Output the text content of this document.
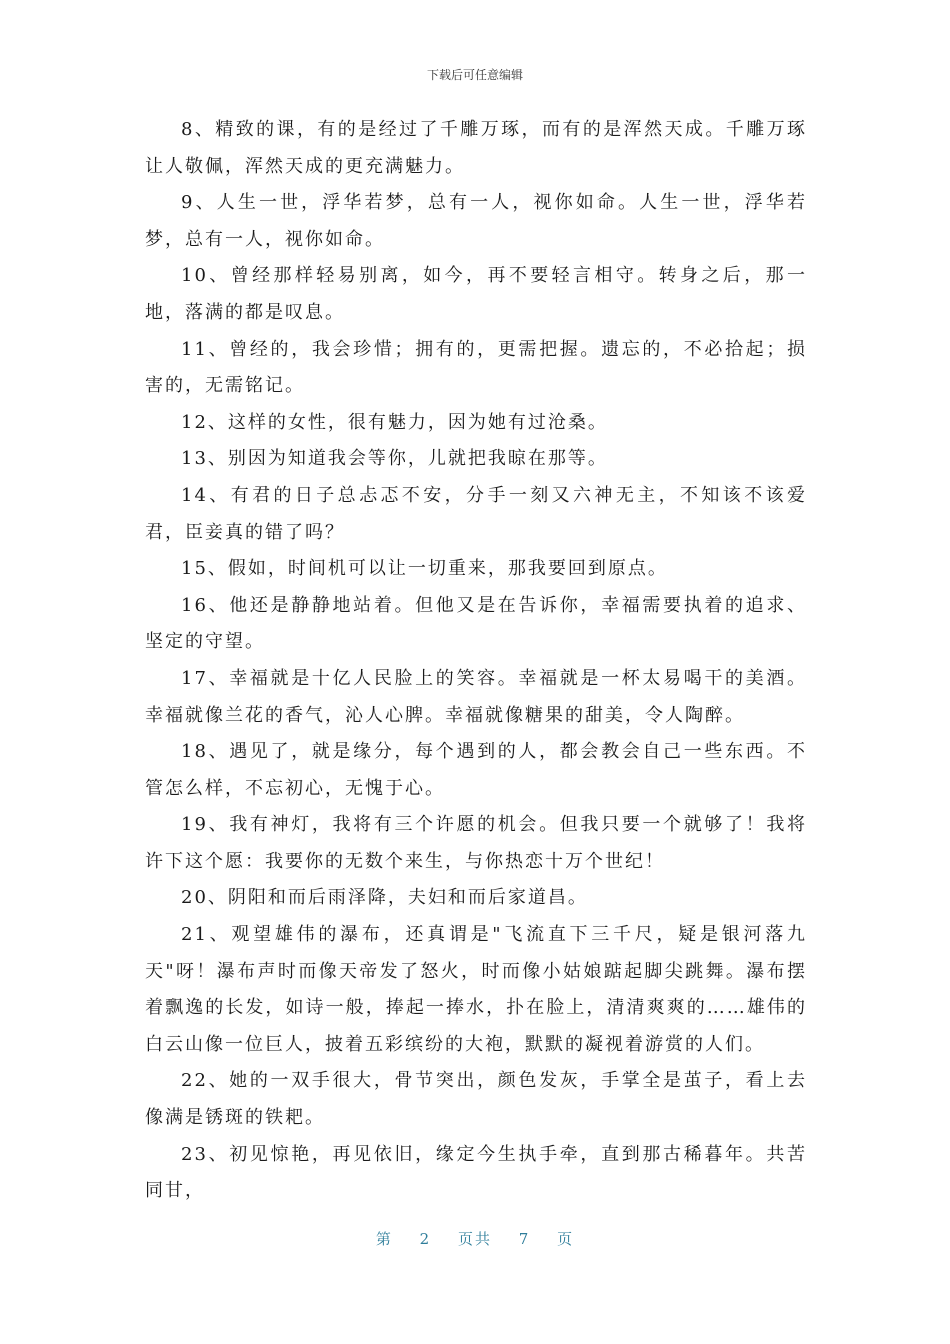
下载后可任意编辑

8、精致的课，有的是经过了千雕万琢，而有的是浑然天成。千雕万琢让人敬佩，浑然天成的更充满魅力。

9、人生一世，浮华若梦，总有一人，视你如命。人生一世，浮华若梦，总有一人，视你如命。

10、曾经那样轻易别离，如今，再不要轻言相守。转身之后，那一地，落满的都是叹息。

11、曾经的，我会珍惜；拥有的，更需把握。遗忘的，不必拾起；损害的，无需铭记。

12、这样的女性，很有魅力，因为她有过沧桑。

13、别因为知道我会等你，儿就把我晾在那等。

14、有君的日子总忐忑不安，分手一刻又六神无主，不知该不该爱君，臣妾真的错了吗？

15、假如，时间机可以让一切重来，那我要回到原点。

16、他还是静静地站着。但他又是在告诉你，幸福需要执着的追求、坚定的守望。

17、幸福就是十亿人民脸上的笑容。幸福就是一杯太易喝干的美酒。幸福就像兰花的香气，沁人心脾。幸福就像糖果的甜美，令人陶醉。

18、遇见了，就是缘分，每个遇到的人，都会教会自己一些东西。不管怎么样，不忘初心，无愧于心。

19、我有神灯，我将有三个许愿的机会。但我只要一个就够了！我将许下这个愿：我要你的无数个来生，与你热恋十万个世纪！

20、阴阳和而后雨泽降，夫妇和而后家道昌。

21、观望雄伟的瀑布，还真谓是"飞流直下三千尺，疑是银河落九天"呀！瀑布声时而像天帝发了怒火，时而像小姑娘踮起脚尖跳舞。瀑布摆着飘逸的长发，如诗一般，捧起一捧水，扑在脸上，清清爽爽的……雄伟的白云山像一位巨人，披着五彩缤纷的大袍，默默的凝视着游赏的人们。

22、她的一双手很大，骨节突出，颜色发灰，手掌全是茧子，看上去像满是锈斑的铁耙。

23、初见惊艳，再见依旧，缘定今生执手牵，直到那古稀暮年。共苦同甘，

第 2 页共 7 页
